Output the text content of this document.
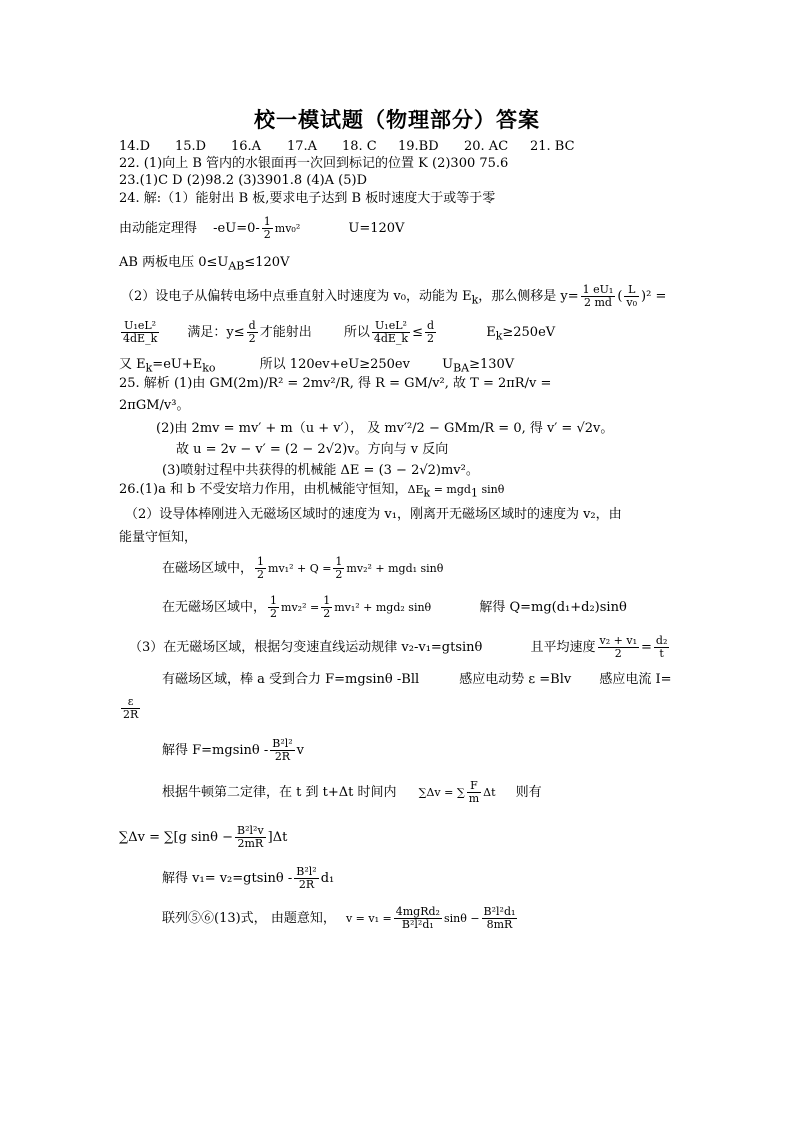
校一模试题（物理部分）答案
14.D 15.D 16.A 17.A 18. C 19.BD 20. AC 21. BC
22. (1)向上 B 管内的水银面再一次回到标记的位置 K (2)300 75.6
23.(1)C D (2)98.2 (3)3901.8 (4)A (5)D
24. 解:（1）能射出 B 板,要求电子达到 B 板时速度大于或等于零
由动能定理得 $-eU=0- \frac{1}{2} mv_0^2$	U=120V
AB 两板电压 $0\le U_{AB}\le 120V$
（2）设电子从偏转电场中点垂直射入时速度为 v₀，动能为 $E_k$，那么侧移是 $y= \frac{\text{1 eU₁}}{2 md}$ ( $\frac{L}{\text{v₀}} )^2$ =
$\frac{\text{U₁eL²}}{4dE\_k}$ 满足：$y\le \frac{d}{2}$ 才能射出 所以 $\frac{\text{U₁eL²}}{4dE\_k} \le \frac{d}{2}$	$E_k\ge 250eV$
又 $E_k=eU+E_{ko}$	所以 120ev+eU≥250ev $U_{BA}\ge 130V$
25. 解析 (1)由 GM(2m)/R² = 2mv²/R, 得 R = GM/v², 故 T = 2πR/v =
2πGM/v³。
(2)由 2mv = mv′ + m（u + v′）， 及 mv′²/2 − GMm/R = 0, 得 v′ = √2v。
故 u = 2v − v′ = (2 − 2√2)v。方向与 v 反向
(3)喷射过程中共获得的机械能 ΔE = (3 − 2√2)mv²。
26.(1)a 和 b 不受安培力作用，由机械能守恒知，$\Delta E_k = mgd_1$ sinθ
（2）设导体棒刚进入无磁场区域时的速度为 v₁，刚离开无磁场区域时的速度为 v₂，由
能量守恒知，
在磁场区域中， $\frac{1}{2} mv_1^2 + Q = \frac{1}{2} mv_2^2 + mgd_1$ sinθ
在无磁场区域中， $\frac{1}{2} mv_2^2 = \frac{1}{2} mv_1^2 + mgd_2$ sinθ	解得 Q=mg(d₁+d₂)sinθ
（3）在无磁场区域，根据匀变速直线运动规律 v₂-v₁=gtsinθ	且平均速度 $\frac{\text{v₂ + v₁}}{2} = \frac{\text{d₂}}{t}$
有磁场区域，棒 a 受到合力 F=mgsinθ -Bll	感应电动势 ε =Blv 感应电流 I=
$\frac{\varepsilon}{2R}$
解得 $F=mgsin\theta - \frac{\text{B²l²}}{2R}$ v
根据牛顿第二定律，在 t 到 t+Δt 时间内 ∑Δv = ∑ $\frac{F}{m}$ Δt 则有
∑Δv = ∑[g $\sin\theta - \frac{\text{B²l²v}}{2mR} ]\Delta t$
解得 $v_1= v_2=gtsin\theta - \frac{\text{B²l²}}{2R} d_1$
联列⑤⑥(13)式， 由题意知， $v = v_1 = \frac{\text{4mgRd₂}}{\text{B²l²d₁}}$ $\sin\theta - \frac{\text{B²l²d₁}}{8mR}$
